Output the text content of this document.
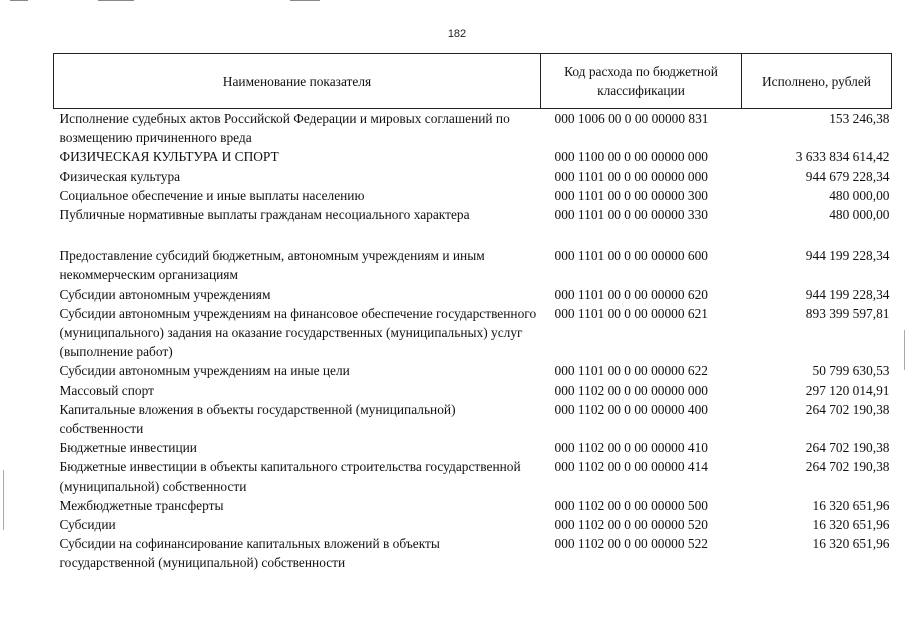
182
Наименование показателя	Код расхода по бюджетной классификации	Исполнено, рублей
Исполнение судебных актов Российской Федерации и мировых соглашений по возмещению причиненного вреда	000 1006 00 0 00 00000 831	153 246,38
ФИЗИЧЕСКАЯ КУЛЬТУРА И СПОРТ	000 1100 00 0 00 00000 000	3 633 834 614,42
Физическая культура	000 1101 00 0 00 00000 000	944 679 228,34
Социальное обеспечение и иные выплаты населению	000 1101 00 0 00 00000 300	480 000,00
Публичные нормативные выплаты гражданам несоциального характера	000 1101 00 0 00 00000 330	480 000,00

Предоставление субсидий бюджетным, автономным учреждениям и иным некоммерческим организациям	000 1101 00 0 00 00000 600	944 199 228,34
Субсидии автономным учреждениям	000 1101 00 0 00 00000 620	944 199 228,34
Субсидии автономным учреждениям на финансовое обеспечение государственного (муниципального) задания на оказание государственных (муниципальных) услуг (выполнение работ)	000 1101 00 0 00 00000 621	893 399 597,81
Субсидии автономным учреждениям на иные цели	000 1101 00 0 00 00000 622	50 799 630,53
Массовый спорт	000 1102 00 0 00 00000 000	297 120 014,91
Капитальные вложения в объекты государственной (муниципальной) собственности	000 1102 00 0 00 00000 400	264 702 190,38
Бюджетные инвестиции	000 1102 00 0 00 00000 410	264 702 190,38
Бюджетные инвестиции в объекты капитального строительства государственной (муниципальной) собственности	000 1102 00 0 00 00000 414	264 702 190,38
Межбюджетные трансферты	000 1102 00 0 00 00000 500	16 320 651,96
Субсидии	000 1102 00 0 00 00000 520	16 320 651,96
Субсидии на софинансирование капитальных вложений в объекты государственной (муниципальной) собственности	000 1102 00 0 00 00000 522	16 320 651,96
